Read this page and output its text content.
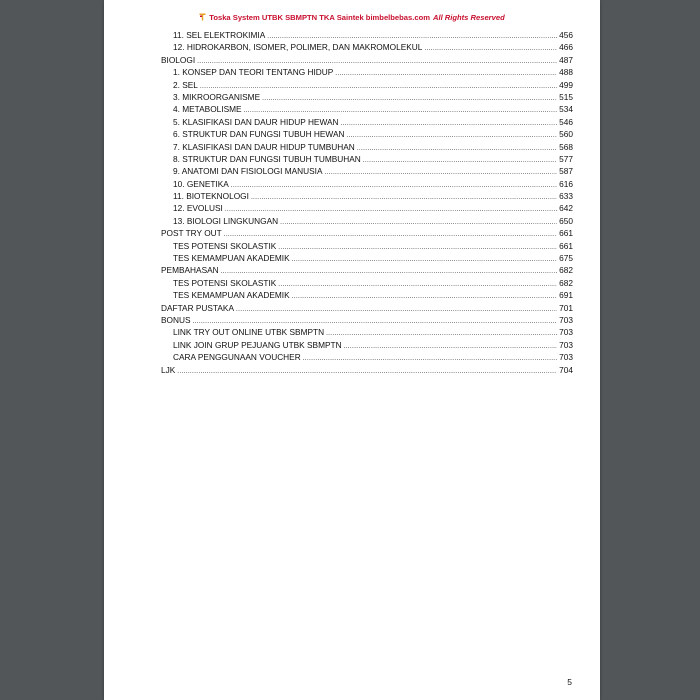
Toska System UTBK SBMPTN TKA Saintek bimbelbebas.com All Rights Reserved
11. SEL ELEKTROKIMIA .....	456
12. HIDROKARBON, ISOMER, POLIMER, DAN MAKROMOLEKUL .....	466
BIOLOGI .....	487
1. KONSEP DAN TEORI TENTANG HIDUP .....	488
2. SEL .....	499
3. MIKROORGANISME .....	515
4. METABOLISME .....	534
5. KLASIFIKASI DAN DAUR HIDUP HEWAN .....	546
6. STRUKTUR DAN FUNGSI TUBUH HEWAN .....	560
7. KLASIFIKASI DAN DAUR HIDUP TUMBUHAN .....	568
8. STRUKTUR DAN FUNGSI TUBUH TUMBUHAN .....	577
9. ANATOMI DAN FISIOLOGI MANUSIA .....	587
10. GENETIKA .....	616
11. BIOTEKNOLOGI .....	633
12. EVOLUSI .....	642
13. BIOLOGI LINGKUNGAN .....	650
POST TRY OUT .....	661
TES POTENSI SKOLASTIK .....	661
TES KEMAMPUAN AKADEMIK .....	675
PEMBAHASAN .....	682
TES POTENSI SKOLASTIK .....	682
TES KEMAMPUAN AKADEMIK .....	691
DAFTAR PUSTAKA .....	701
BONUS .....	703
LINK TRY OUT ONLINE UTBK SBMPTN .....	703
LINK JOIN GRUP PEJUANG UTBK SBMPTN .....	703
CARA PENGGUNAAN VOUCHER .....	703
LJK .....	704
5
